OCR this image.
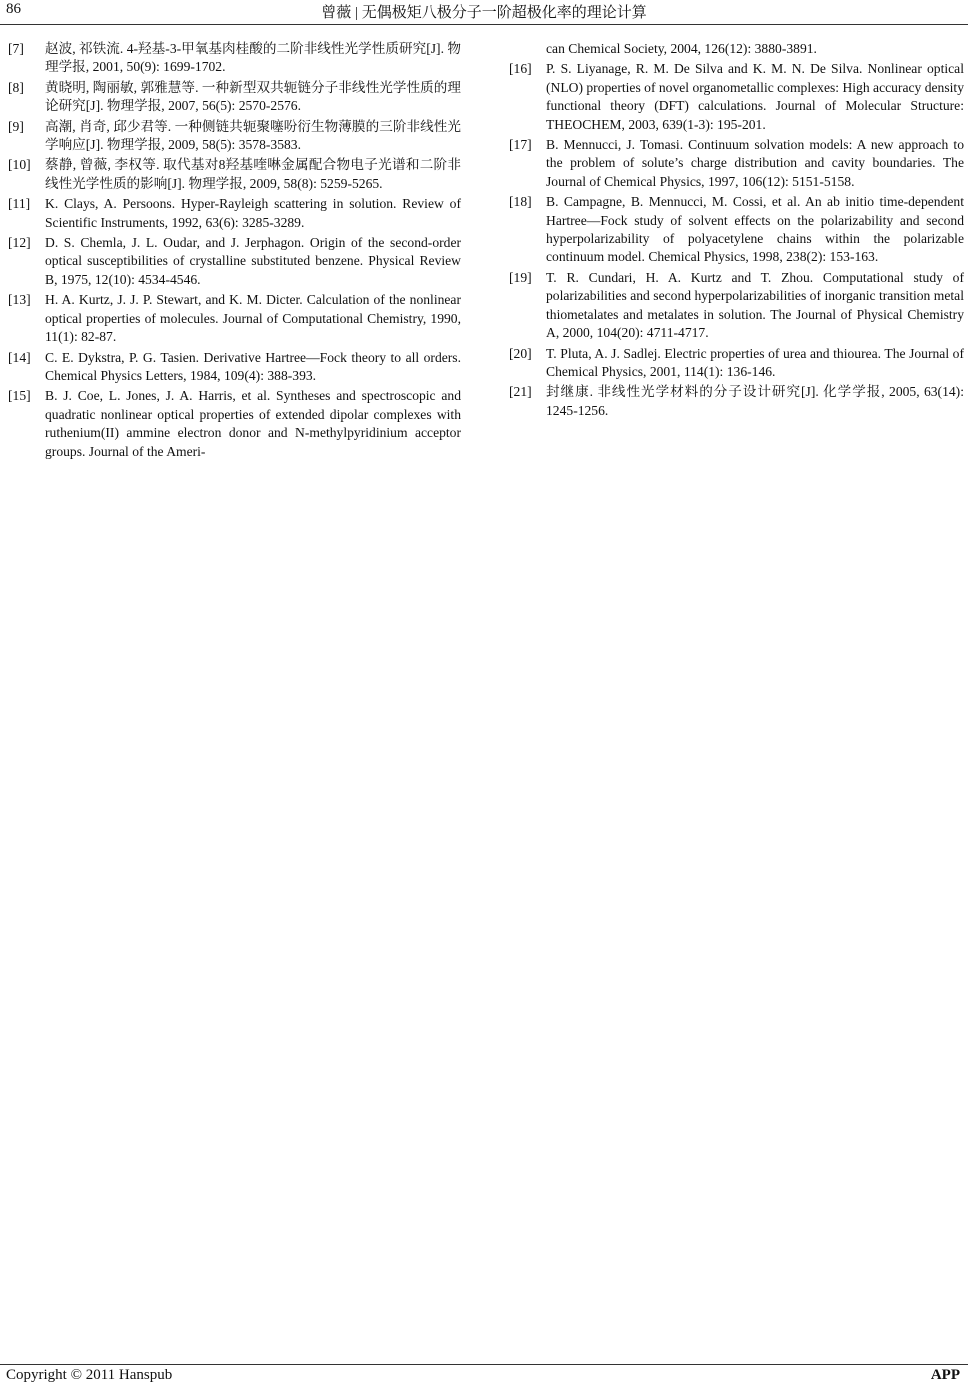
86	曾薇 | 无偶极矩八极分子一阶超极化率的理论计算
[7] 赵波, 祁铁流. 4-羟基-3-甲氧基肉桂酸的二阶非线性光学性质研究[J]. 物理学报, 2001, 50(9): 1699-1702.
[8] 黄晓明, 陶丽敏, 郭雅慧等. 一种新型双共轭链分子非线性光学性质的理论研究[J]. 物理学报, 2007, 56(5): 2570-2576.
[9] 高潮, 肖奇, 邱少君等. 一种侧链共轭聚噻吩衍生物薄膜的三阶非线性光学响应[J]. 物理学报, 2009, 58(5): 3578-3583.
[10] 蔡静, 曾薇, 李权等. 取代基对8羟基喹啉金属配合物电子光谱和二阶非线性光学性质的影响[J]. 物理学报, 2009, 58(8): 5259-5265.
[11] K. Clays, A. Persoons. Hyper-Rayleigh scattering in solution. Review of Scientific Instruments, 1992, 63(6): 3285-3289.
[12] D. S. Chemla, J. L. Oudar, and J. Jerphagon. Origin of the second-order optical susceptibilities of crystalline substituted benzene. Physical Review B, 1975, 12(10): 4534-4546.
[13] H. A. Kurtz, J. J. P. Stewart, and K. M. Dicter. Calculation of the nonlinear optical properties of molecules. Journal of Computational Chemistry, 1990, 11(1): 82-87.
[14] C. E. Dykstra, P. G. Tasien. Derivative Hartree—Fock theory to all orders. Chemical Physics Letters, 1984, 109(4): 388-393.
[15] B. J. Coe, L. Jones, J. A. Harris, et al. Syntheses and spectroscopic and quadratic nonlinear optical properties of extended dipolar complexes with ruthenium(II) ammine electron donor and N-methylpyridinium acceptor groups. Journal of the Ameri-
can Chemical Society, 2004, 126(12): 3880-3891.
[16] P. S. Liyanage, R. M. De Silva and K. M. N. De Silva. Nonlinear optical (NLO) properties of novel organometallic complexes: High accuracy density functional theory (DFT) calculations. Journal of Molecular Structure: THEOCHEM, 2003, 639(1-3): 195-201.
[17] B. Mennucci, J. Tomasi. Continuum solvation models: A new approach to the problem of solute’s charge distribution and cavity boundaries. The Journal of Chemical Physics, 1997, 106(12): 5151-5158.
[18] B. Campagne, B. Mennucci, M. Cossi, et al. An ab initio time-dependent Hartree—Fock study of solvent effects on the polarizability and second hyperpolarizability of polyacetylene chains within the polarizable continuum model. Chemical Physics, 1998, 238(2): 153-163.
[19] T. R. Cundari, H. A. Kurtz and T. Zhou. Computational study of polarizabilities and second hyperpolarizabilities of inorganic transition metal thiometalates and metalates in solution. The Journal of Physical Chemistry A, 2000, 104(20): 4711-4717.
[20] T. Pluta, A. J. Sadlej. Electric properties of urea and thiourea. The Journal of Chemical Physics, 2001, 114(1): 136-146.
[21] 封继康. 非线性光学材料的分子设计研究[J]. 化学学报, 2005, 63(14): 1245-1256.
Copyright © 2011 Hanspub	APP
